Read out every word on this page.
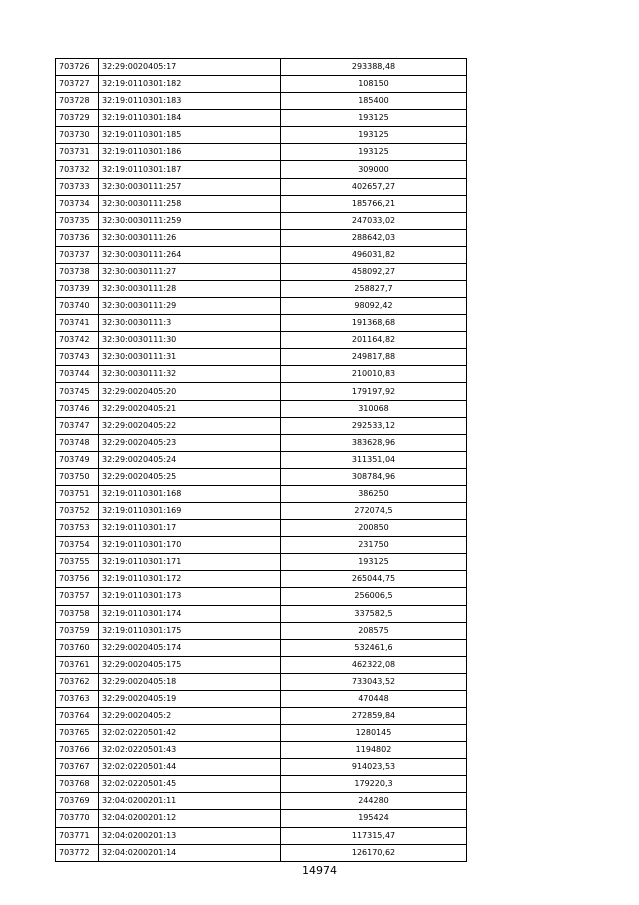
703726	32:29:0020405:17	293388,48
703727	32:19:0110301:182	108150
703728	32:19:0110301:183	185400
703729	32:19:0110301:184	193125
703730	32:19:0110301:185	193125
703731	32:19:0110301:186	193125
703732	32:19:0110301:187	309000
703733	32:30:0030111:257	402657,27
703734	32:30:0030111:258	185766,21
703735	32:30:0030111:259	247033,02
703736	32:30:0030111:26	288642,03
703737	32:30:0030111:264	496031,82
703738	32:30:0030111:27	458092,27
703739	32:30:0030111:28	258827,7
703740	32:30:0030111:29	98092,42
703741	32:30:0030111:3	191368,68
703742	32:30:0030111:30	201164,82
703743	32:30:0030111:31	249817,88
703744	32:30:0030111:32	210010,83
703745	32:29:0020405:20	179197,92
703746	32:29:0020405:21	310068
703747	32:29:0020405:22	292533,12
703748	32:29:0020405:23	383628,96
703749	32:29:0020405:24	311351,04
703750	32:29:0020405:25	308784,96
703751	32:19:0110301:168	386250
703752	32:19:0110301:169	272074,5
703753	32:19:0110301:17	200850
703754	32:19:0110301:170	231750
703755	32:19:0110301:171	193125
703756	32:19:0110301:172	265044,75
703757	32:19:0110301:173	256006,5
703758	32:19:0110301:174	337582,5
703759	32:19:0110301:175	208575
703760	32:29:0020405:174	532461,6
703761	32:29:0020405:175	462322,08
703762	32:29:0020405:18	733043,52
703763	32:29:0020405:19	470448
703764	32:29:0020405:2	272859,84
703765	32:02:0220501:42	1280145
703766	32:02:0220501:43	1194802
703767	32:02:0220501:44	914023,53
703768	32:02:0220501:45	179220,3
703769	32:04:0200201:11	244280
703770	32:04:0200201:12	195424
703771	32:04:0200201:13	117315,47
703772	32:04:0200201:14	126170,62
14974
